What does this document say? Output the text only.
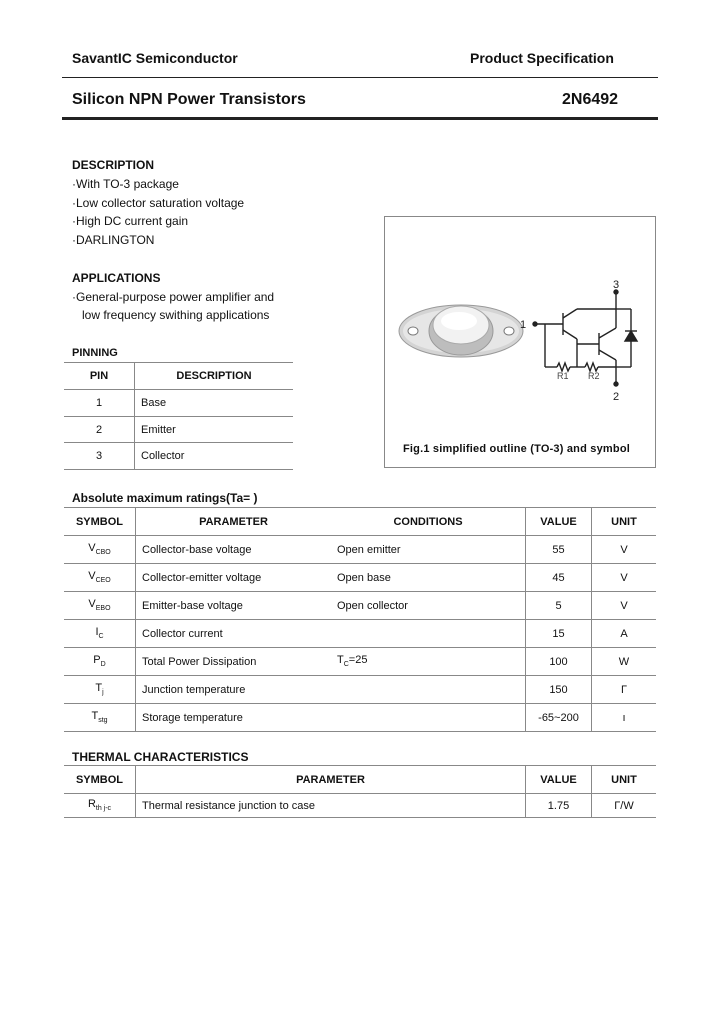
SavantIC Semiconductor	Product Specification
Silicon NPN Power Transistors	2N6492
DESCRIPTION
·With TO-3 package
·Low collector saturation voltage
·High DC current gain
·DARLINGTON
APPLICATIONS
·General-purpose power amplifier and
low frequency swithing applications
PINNING
PIN	DESCRIPTION
1	Base
2	Emitter
3	Collector
1
3
2
R1 R2
Fig.1 simplified outline (TO-3) and symbol
Absolute maximum ratings(Ta= )
SYMBOL	PARAMETER	CONDITIONS	VALUE	UNIT
$V_{CBO}$	Collector-base voltage	Open emitter	55	V
$V_{CEO}$	Collector-emitter voltage	Open base	45	V
$V_{EBO}$	Emitter-base voltage	Open collector	5	V
$I_C$	Collector current		15	A
$P_D$	Total Power Dissipation	$T_C=25$	100	W
$T_j$	Junction temperature		150	Γ
$T_{stg}$	Storage temperature		-65~200	ı
THERMAL CHARACTERISTICS
SYMBOL	PARAMETER	VALUE	UNIT
$R_{th j-c}$	Thermal resistance junction to case	1.75	Γ/W
